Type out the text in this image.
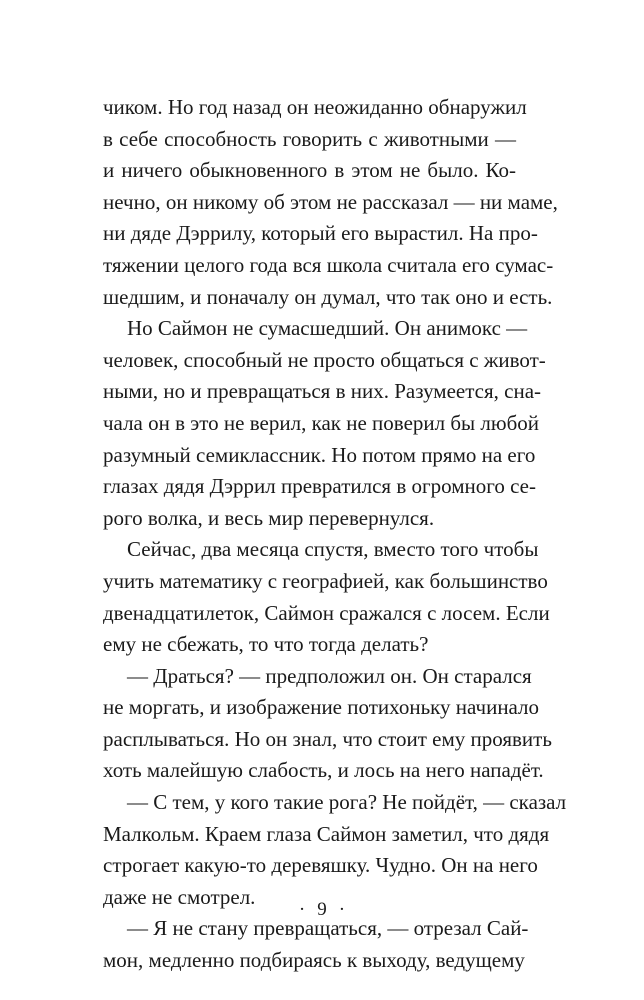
чиком. Но год назад он неожиданно обнаружил
в себе способность говорить с животными —
и ничего обыкновенного в этом не было. Ко-
нечно, он никому об этом не рассказал — ни маме,
ни дяде Дэррилу, который его вырастил. На про-
тяжении целого года вся школа считала его сумас-
шедшим, и поначалу он думал, что так оно и есть.
Но Саймон не сумасшедший. Он анимокс —
человек, способный не просто общаться с живот-
ными, но и превращаться в них. Разумеется, сна-
чала он в это не верил, как не поверил бы любой
разумный семиклассник. Но потом прямо на его
глазах дядя Дэррил превратился в огромного се-
рого волка, и весь мир перевернулся.
Сейчас, два месяца спустя, вместо того чтобы
учить математику с географией, как большинство
двенадцатилеток, Саймон сражался с лосем. Если
ему не сбежать, то что тогда делать?
— Драться? — предположил он. Он старался
не моргать, и изображение потихоньку начинало
расплываться. Но он знал, что стоит ему проявить
хоть малейшую слабость, и лось на него нападёт.
— С тем, у кого такие рога? Не пойдёт, — сказал
Малкольм. Краем глаза Саймон заметил, что дядя
строгает какую-то деревяшку. Чудно. Он на него
даже не смотрел.
— Я не стану превращаться, — отрезал Сай-
мон, медленно подбираясь к выходу, ведущему
· 9 ·
